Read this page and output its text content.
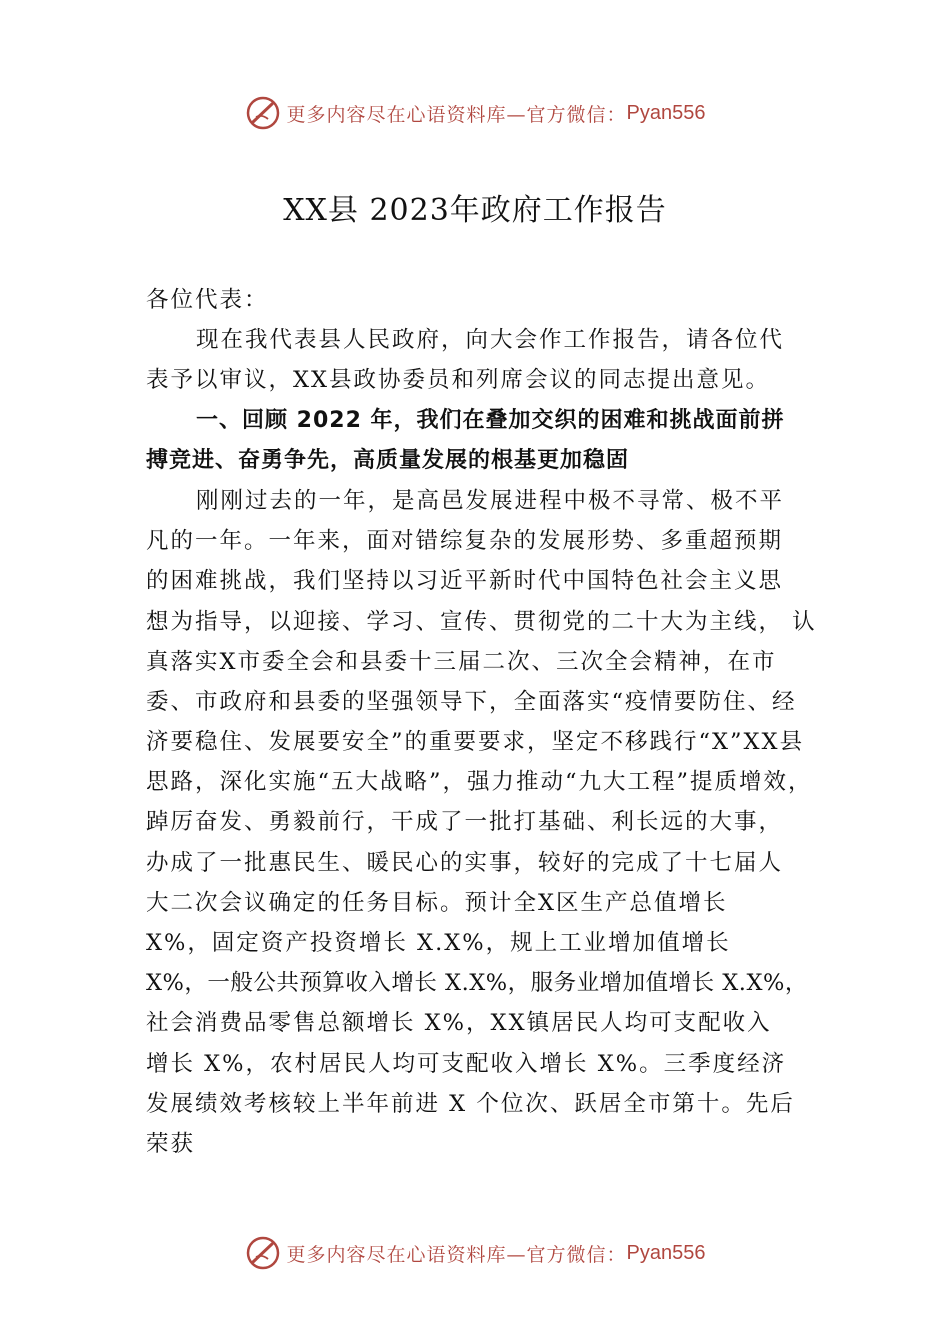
更多内容尽在心语资料库—官方微信： Pyan556
XX县 2023年政府工作报告
各位代表：
现在我代表县人民政府，向大会作工作报告，请各位代
表予以审议，XX县政协委员和列席会议的同志提出意见。
一、回顾 2022 年，我们在叠加交织的困难和挑战面前拼
搏竞进、奋勇争先，高质量发展的根基更加稳固
刚刚过去的一年，是高邑发展进程中极不寻常、极不平
凡的一年。一年来，面对错综复杂的发展形势、多重超预期
的困难挑战，我们坚持以习近平新时代中国特色社会主义思
想为指导，以迎接、学习、宣传、贯彻党的二十大为主线， 认
真落实X市委全会和县委十三届二次、三次全会精神，在市
委、市政府和县委的坚强领导下，全面落实“疫情要防住、经
济要稳住、发展要安全”的重要要求，坚定不移践行“X”XX县
思路，深化实施“五大战略”，强力推动“九大工程”提质增效，
踔厉奋发、勇毅前行，干成了一批打基础、利长远的大事，
办成了一批惠民生、暖民心的实事，较好的完成了十七届人
大二次会议确定的任务目标。预计全X区生产总值增长
X%，固定资产投资增长 X.X%，规上工业增加值增长
X%，一般公共预算收入增长 X.X%，服务业增加值增长 X.X%，
社会消费品零售总额增长 X%，XX镇居民人均可支配收入
增长 X%，农村居民人均可支配收入增长 X%。三季度经济
发展绩效考核较上半年前进 X 个位次、跃居全市第十。先后
荣获
更多内容尽在心语资料库—官方微信： Pyan556
